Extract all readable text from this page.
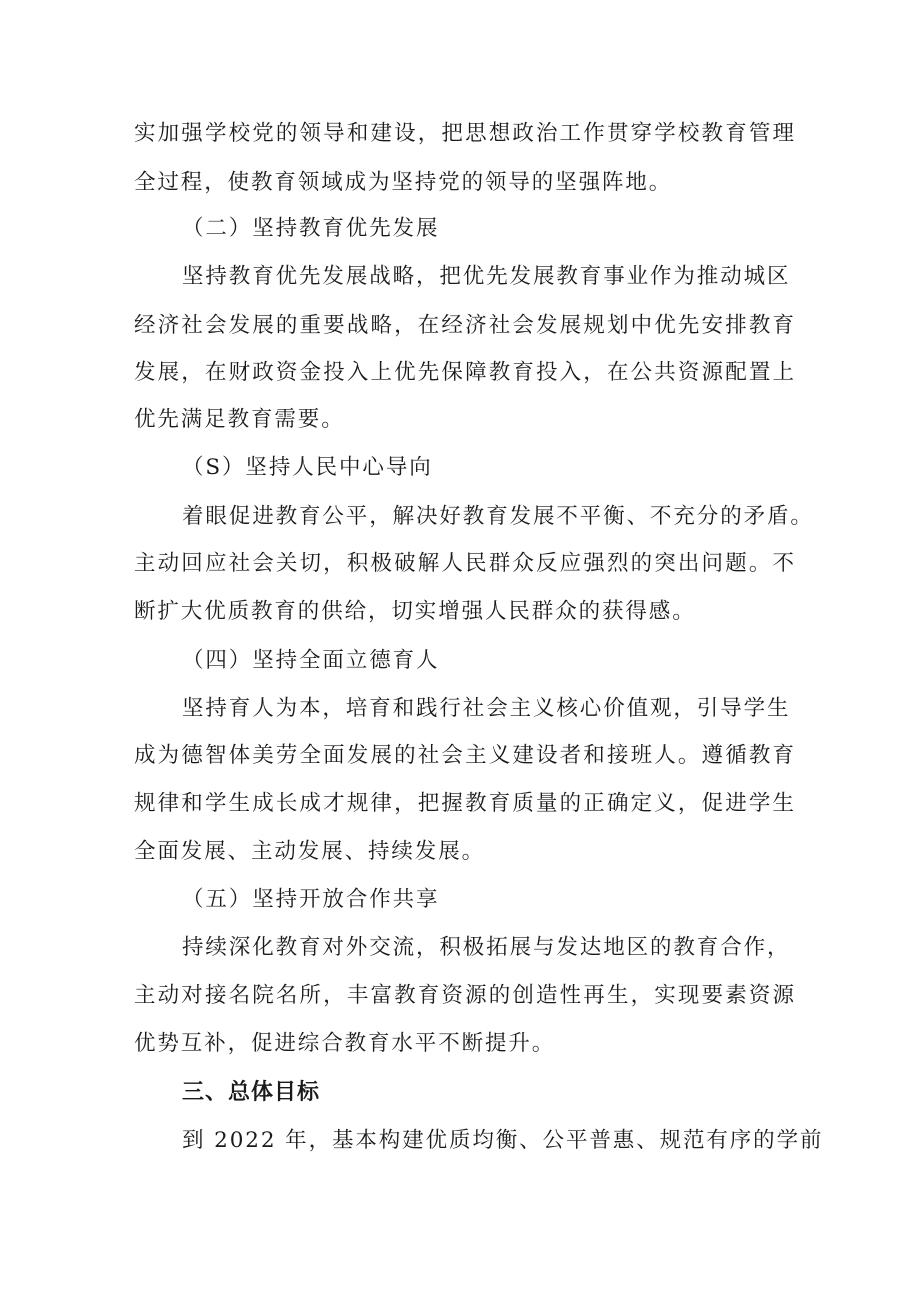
实加强学校党的领导和建设，把思想政治工作贯穿学校教育管理
全过程，使教育领域成为坚持党的领导的坚强阵地。
（二）坚持教育优先发展
坚持教育优先发展战略，把优先发展教育事业作为推动城区
经济社会发展的重要战略，在经济社会发展规划中优先安排教育
发展，在财政资金投入上优先保障教育投入，在公共资源配置上
优先满足教育需要。
（S）坚持人民中心导向
着眼促进教育公平，解决好教育发展不平衡、不充分的矛盾。
主动回应社会关切，积极破解人民群众反应强烈的突出问题。不
断扩大优质教育的供给，切实增强人民群众的获得感。
（四）坚持全面立德育人
坚持育人为本，培育和践行社会主义核心价值观，引导学生
成为德智体美劳全面发展的社会主义建设者和接班人。遵循教育
规律和学生成长成才规律，把握教育质量的正确定义，促进学生
全面发展、主动发展、持续发展。
（五）坚持开放合作共享
持续深化教育对外交流，积极拓展与发达地区的教育合作，
主动对接名院名所，丰富教育资源的创造性再生，实现要素资源
优势互补，促进综合教育水平不断提升。
三、总体目标
到 2022 年，基本构建优质均衡、公平普惠、规范有序的学前
